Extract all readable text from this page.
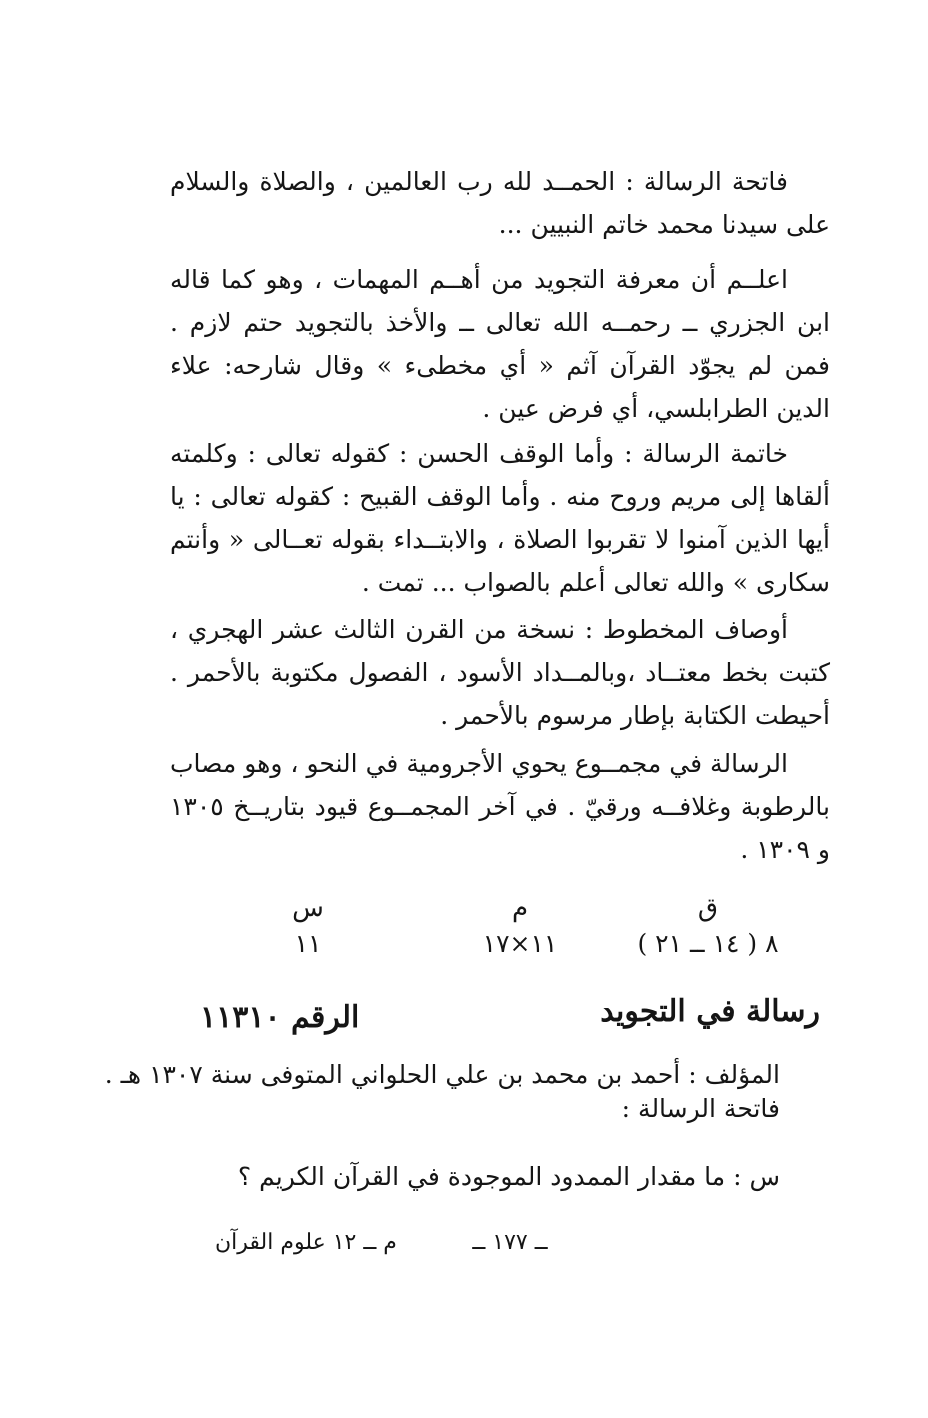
فاتحة الرسالة : الحمــد لله رب العالمين ، والصلاة والسلام على سيدنا محمد خاتم النبيين ...

اعلــم أن معرفة التجويد من أهــم المهمات ، وهو كما قاله ابن الجزري ــ رحمــه الله تعالى ــ والأخذ بالتجويد حتم لازم . فمن لم يجوّد القرآن آثم « أي مخطىء » وقال شارحه: علاء الدين الطرابلسي، أي فرض عين .

خاتمة الرسالة : وأما الوقف الحسن : كقوله تعالى : وكلمته ألقاها إلى مريم وروح منه . وأما الوقف القبيح : كقوله تعالى : يا أيها الذين آمنوا لا تقربوا الصلاة ، والابتــداء بقوله تعــالى « وأنتم سكارى » والله تعالى أعلم بالصواب ... تمت .

أوصاف المخطوط : نسخة من القرن الثالث عشر الهجري ، كتبت بخط معتــاد ،وبالمــداد الأسود ، الفصول مكتوبة بالأحمر . أحيطت الكتابة بإطار مرسوم بالأحمر .

الرسالة في مجمــوع يحوي الأجرومية في النحو ، وهو مصاب بالرطوبة وغلافــه ورقيّ . في آخر المجمــوع قيود بتاريــخ ١٣٠٥ و ١٣٠٩ .

ق
٨ ( ١٤ ــ ٢١ )
م
١١×١٧
س
١١
رسالة في التجويد
الرقم ١١٣١٠
المؤلف : أحمد بن محمد بن علي الحلواني المتوفى سنة ١٣٠٧ هـ .
فاتحة الرسالة :
س : ما مقدار الممدود الموجودة في القرآن الكريم ؟
ــ ١٧٧ ــ
م ــ ١٢ علوم القرآن
